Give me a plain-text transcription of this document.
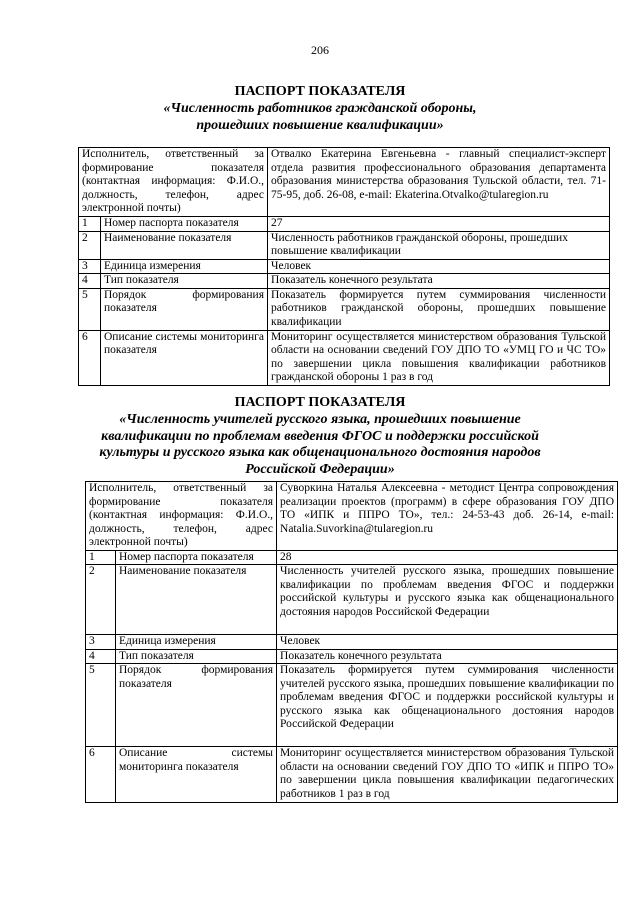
206
ПАСПОРТ ПОКАЗАТЕЛЯ
«Численность работников гражданской обороны,
прошедших повышение квалификации»
Исполнитель, ответственный за формирование показателя (контактная информация: Ф.И.О., должность, телефон, адрес электронной почты)		Отвалко Екатерина Евгеньевна - главный специалист-эксперт отдела развития профессионального образования департамента образования министерства образования Тульской области, тел. 71-75-95, доб. 26-08, e-mail: Ekaterina.Otvalko@tularegion.ru
1	Номер паспорта показателя	27
2	Наименование показателя	Численность работников гражданской обороны, прошедших повышение квалификации
3	Единица измерения	Человек
4	Тип показателя	Показатель конечного результата
5	Порядок формирования показателя	Показатель формируется путем суммирования численности работников гражданской обороны, прошедших повышение квалификации
6	Описание системы мониторинга показателя	Мониторинг осуществляется министерством образования Тульской области на основании сведений ГОУ ДПО ТО «УМЦ ГО и ЧС ТО» по завершении цикла повышения квалификации работников гражданской обороны 1 раз в год
ПАСПОРТ ПОКАЗАТЕЛЯ
«Численность учителей русского языка, прошедших повышение
квалификации по проблемам введения ФГОС и поддержки российской
культуры и русского языка как общенационального достояния народов
Российской Федерации»
Исполнитель, ответственный за формирование показателя (контактная информация: Ф.И.О., должность, телефон, адрес электронной почты)		Суворкина Наталья Алексеевна - методист Центра сопровождения реализации проектов (программ) в сфере образования ГОУ ДПО ТО «ИПК и ППРО ТО», тел.: 24-53-43 доб. 26-14, e-mail: Natalia.Suvorkina@tularegion.ru
1	Номер паспорта показателя	28
2	Наименование показателя	Численность учителей русского языка, прошедших повышение квалификации по проблемам введения ФГОС и поддержки российской культуры и русского языка как общенационального достояния народов Российской Федерации
3	Единица измерения	Человек
4	Тип показателя	Показатель конечного результата
5	Порядок формирования показателя	Показатель формируется путем суммирования численности учителей русского языка, прошедших повышение квалификации по проблемам введения ФГОС и поддержки российской культуры и русского языка как общенационального достояния народов Российской Федерации
6	Описание системы мониторинга показателя	Мониторинг осуществляется министерством образования Тульской области на основании сведений ГОУ ДПО ТО «ИПК и ППРО ТО» по завершении цикла повышения квалификации педагогических работников 1 раз в год
